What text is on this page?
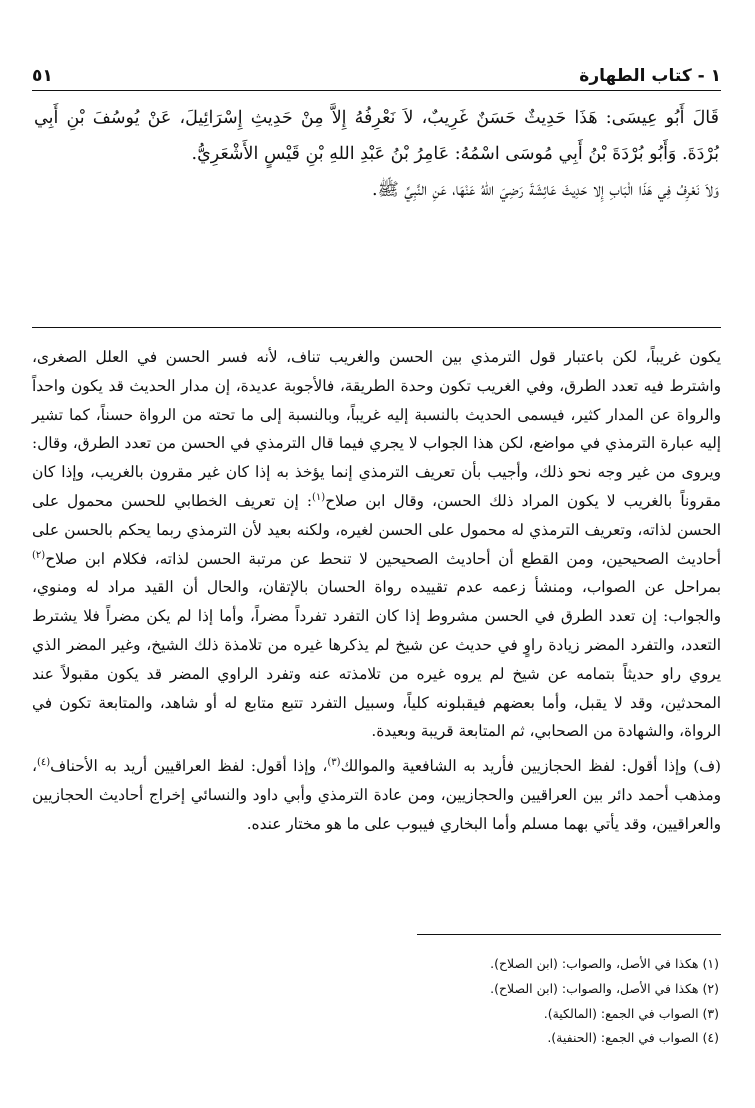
١ - كتاب الطهارة
٥١

قَالَ أَبُو عِيسَى: هَذَا حَدِيثٌ حَسَنٌ غَرِيبٌ، لاَ نَعْرِفُهُ إِلاَّ مِنْ حَدِيثِ إِسْرَائِيلَ، عَنْ يُوسُفَ بْنِ أَبِي بُرْدَةَ. وَأَبُو بُرْدَةَ بْنُ أَبِي مُوسَى اسْمُهُ: عَامِرُ بْنُ عَبْدِ اللهِ بْنِ قَيْسٍ الأَشْعَرِيُّ.

وَلاَ نَعْرِفُ فِي هَذَا الْبَابِ إِلا حَدِيثَ عَائِشَةَ رَضِيَ اللهُ عَنْهَا، عَنِ النَّبِيِّ ﷺ.

يكون غريباً، لكن باعتبار قول الترمذي بين الحسن والغريب تناف، لأنه فسر الحسن في العلل الصغرى، واشترط فيه تعدد الطرق، وفي الغريب تكون وحدة الطريقة، فالأجوبة عديدة، إن مدار الحديث قد يكون واحداً والرواة عن المدار كثير، فيسمى الحديث بالنسبة إليه غريباً، وبالنسبة إلى ما تحته من الرواة حسناً، كما تشير إليه عبارة الترمذي في مواضع، لكن هذا الجواب لا يجري فيما قال الترمذي في الحسن من تعدد الطرق، وقال: ويروى من غير وجه نحو ذلك، وأجيب بأن تعريف الترمذي إنما يؤخذ به إذا كان غير مقرون بالغريب، وإذا كان مقروناً بالغريب لا يكون المراد ذلك الحسن، وقال ابن صلاح$^{(١)}$: إن تعريف الخطابي للحسن محمول على الحسن لذاته، وتعريف الترمذي له محمول على الحسن لغيره، ولكنه بعيد لأن الترمذي ربما يحكم بالحسن على أحاديث الصحيحين، ومن القطع أن أحاديث الصحيحين لا تنحط عن مرتبة الحسن لذاته، فكلام ابن صلاح$^{(٢)}$ بمراحل عن الصواب، ومنشأ زعمه عدم تقييده رواة الحسان بالإتقان، والحال أن القيد مراد له ومنوي، والجواب: إن تعدد الطرق في الحسن مشروط إذا كان التفرد تفرداً مضراً، وأما إذا لم يكن مضراً فلا يشترط التعدد، والتفرد المضر زيادة راوٍ في حديث عن شيخ لم يذكرها غيره من تلامذة ذلك الشيخ، وغير المضر الذي يروي راو حديثاً بتمامه عن شيخ لم يروه غيره من تلامذته عنه وتفرد الراوي المضر قد يكون مقبولاً عند المحدثين، وقد لا يقبل، وأما بعضهم فيقبلونه كلياً، وسبيل التفرد تتبع متابع له أو شاهد، والمتابعة تكون في الرواة، والشهادة من الصحابي، ثم المتابعة قريبة وبعيدة.

(ف) وإذا أقول: لفظ الحجازيين فأريد به الشافعية والموالك$^{(٣)}$، وإذا أقول: لفظ العراقيين أريد به الأحناف$^{(٤)}$، ومذهب أحمد دائر بين العراقيين والحجازيين، ومن عادة الترمذي وأبي داود والنسائي إخراج أحاديث الحجازيين والعراقيين، وقد يأتي بهما مسلم وأما البخاري فيبوب على ما هو مختار عنده.

(١) هكذا في الأصل، والصواب: (ابن الصلاح).
(٢) هكذا في الأصل، والصواب: (ابن الصلاح).
(٣) الصواب في الجمع: (المالكية).
(٤) الصواب في الجمع: (الحنفية).
